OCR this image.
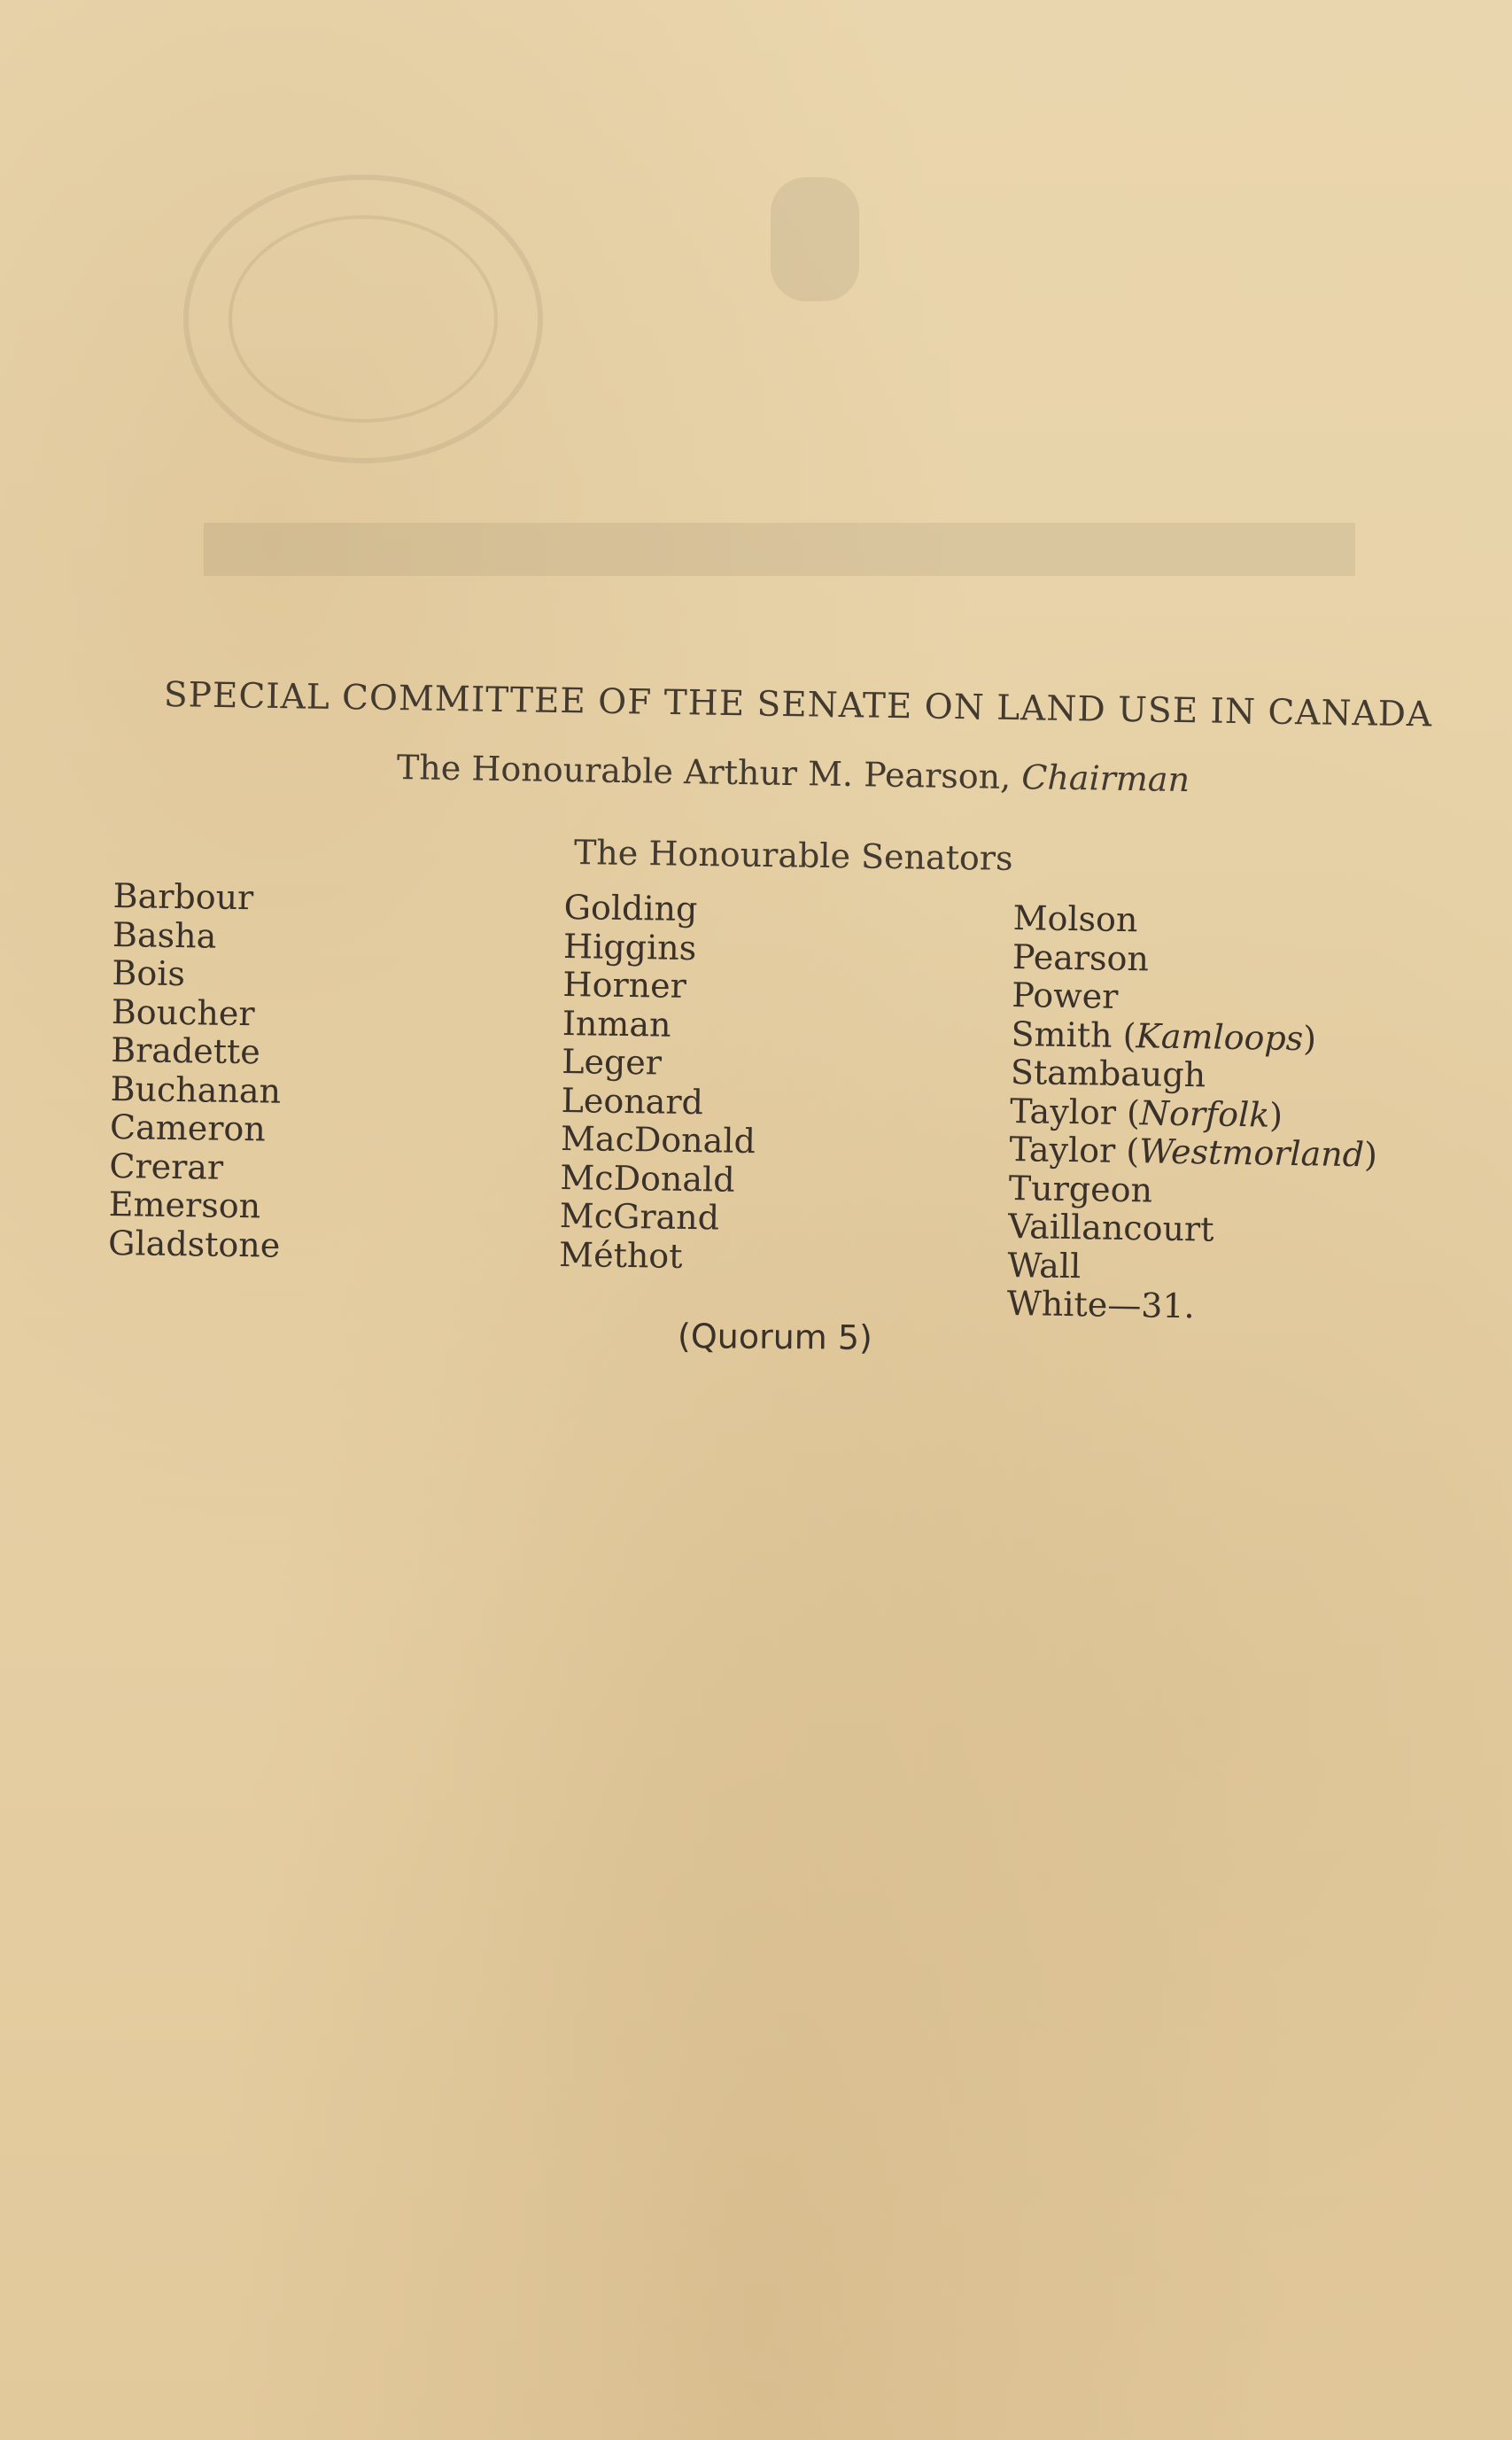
SPECIAL COMMITTEE OF THE SENATE ON LAND USE IN CANADA
The Honourable Arthur M. Pearson, Chairman
The Honourable Senators
Barbour
Basha
Bois
Boucher
Bradette
Buchanan
Cameron
Crerar
Emerson
Gladstone
Golding
Higgins
Horner
Inman
Leger
Leonard
MacDonald
McDonald
McGrand
Méthot
Molson
Pearson
Power
Smith (Kamloops)
Stambaugh
Taylor (Norfolk)
Taylor (Westmorland)
Turgeon
Vaillancourt
Wall
White—31.
(Quorum 5)
